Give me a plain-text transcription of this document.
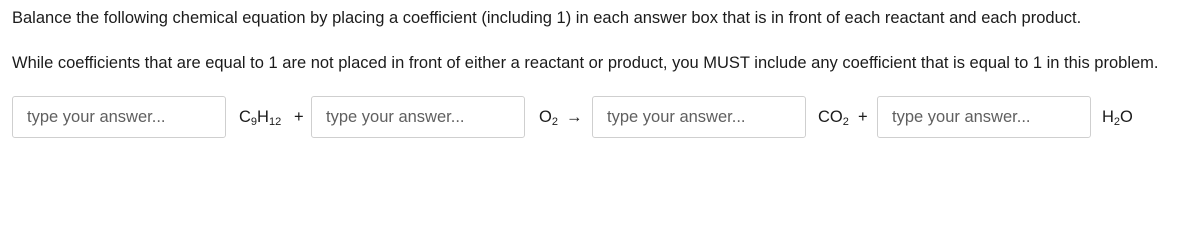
Balance the following chemical equation by placing a coefficient (including 1) in each answer box that is in front of each reactant and each product.

While coefficients that are equal to 1 are not placed in front of either a reactant or product, you MUST include any coefficient that is equal to 1 in this problem.

type your answer...
$C_9H_{12}$ +
type your answer...	$O_2$ →
type your answer...	$CO_2$ +
type your answer...	$H_2O$
